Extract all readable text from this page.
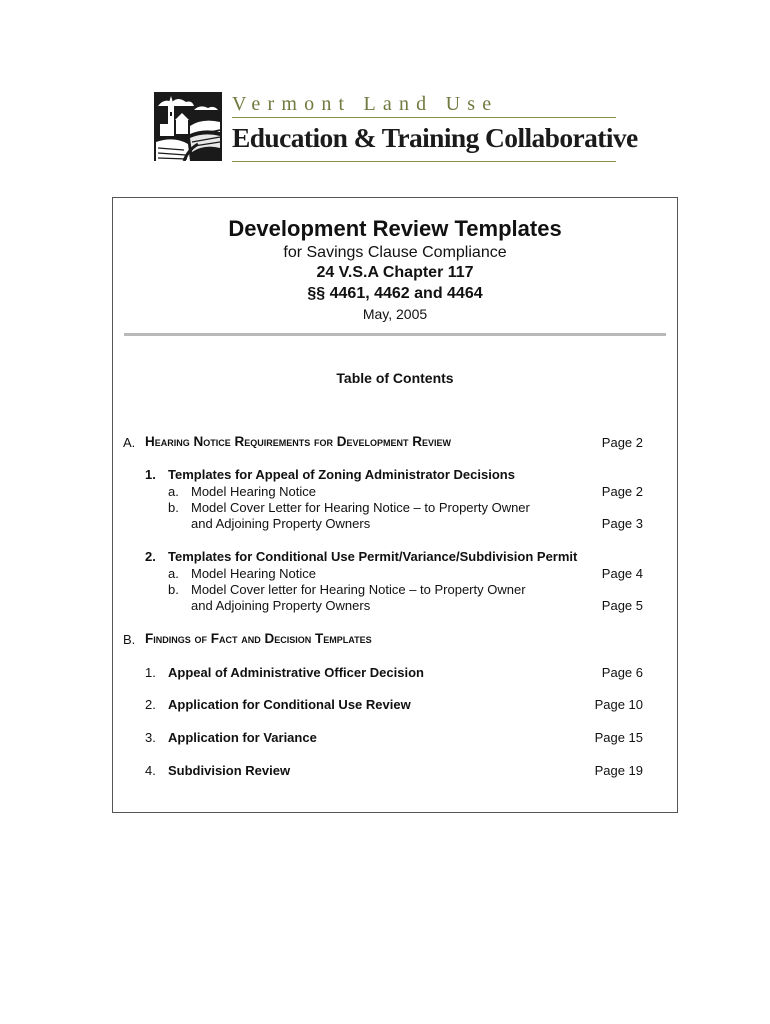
Vermont Land Use
Education & Training Collaborative
Development Review Templates
for Savings Clause Compliance
24 V.S.A Chapter 117
§§ 4461, 4462 and 4464
May, 2005
Table of Contents
A. Hearing Notice Requirements for Development Review	Page 2
1. Templates for Appeal of Zoning Administrator Decisions
a. Model Hearing Notice	Page 2
b. Model Cover Letter for Hearing Notice – to Property Owner
and Adjoining Property Owners	Page 3
2. Templates for Conditional Use Permit/Variance/Subdivision Permit
a. Model Hearing Notice	Page 4
b. Model Cover letter for Hearing Notice – to Property Owner
and Adjoining Property Owners	Page 5
B. Findings of Fact and Decision Templates
1. Appeal of Administrative Officer Decision	Page 6
2. Application for Conditional Use Review	Page 10
3. Application for Variance	Page 15
4. Subdivision Review	Page 19
